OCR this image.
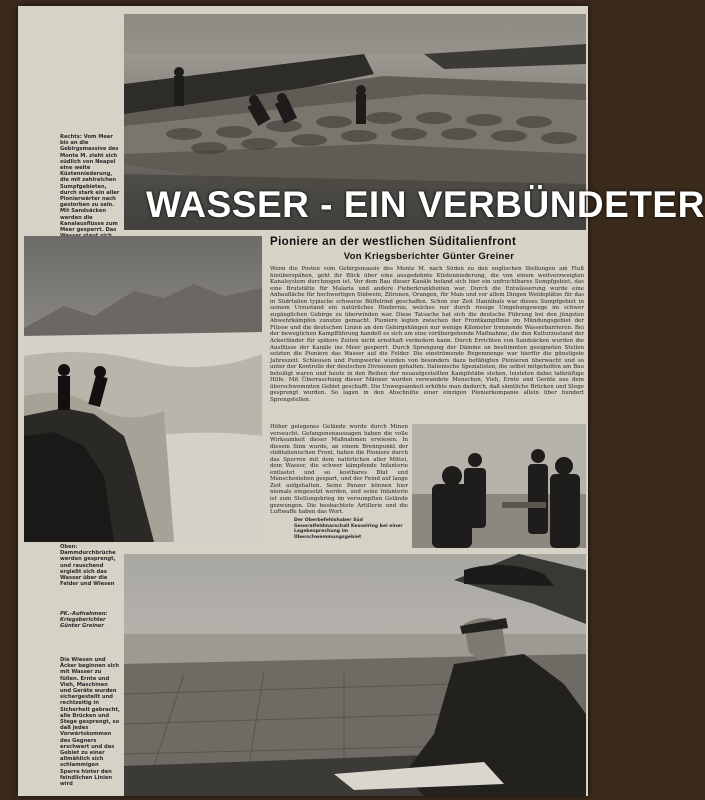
Rechts: Vom Meer bis an die Gebirgsmassive des Monte M. zieht sich südlich von Neapel eine weite Küstenniederung, die mit zahlreichen Sumpfgebieten, durch stark ein aller Pionierwärter nach gestorben zu sein. Mit Sandsäcken werden die Kanalausflüsse zum Meer gesperrt. Das
WASSER - EIN VERBÜNDETER
Oben: Dammdurchbrüche werden gesprengt, und rauschend ergießt sich das Wasser über die Felder und Wiesen
Pioniere an der westlichen Süditalienfront
Von Kriegsberichter Günter Greiner
Wenn die Posten vom Gebirgsmassiv des Monte M. nach Süden zu den englischen Stellungen am Fluß hinüberspähen, geht ihr Blick über eine ausgedehnte Küstenniederung, die von einem weitverzweigten Kanalsystem durchzogen ist. Vor dem Bau dieser Kanäle befand sich hier ein unfruchtbares Sumpfgebiet, das eine Brutstätte für Malaria und andere Fieberkrankheiten war. Durch die Entwässerung wurde eine Anbaufläche für hochwertigen Südwein, Zitronen, Orangen, für Mais und vor allem Dingen Weideplätze für das in Südrtalien typische schwarze Büffelrind geschaffen. Schon zur Zeit Hannibals war dieses Sumpfgebiet in seinem Urzustand ein natürliches Hindernis, welches nur durch riesige Umgehungswege im schwer zugänglichen Gebirge zu überwinden war. Diese Tatsache hat sich die deutsche Führung bei den jüngsten Abwehrkämpfen zunutze gemacht. Pioniere legten zwischen der Frontkampflinie im Mündungsgebiet der Flüsse und die deutschen Linien an den Gebirgshängen nur wenige Kilometer trennende Wasserbarrieren. Bei der beweglichen Kampfführung handelt es sich um eine vorübergehende Maßnahme, die den Kulturzustand der Ackerländer für spätere Zeiten nicht ernsthaft verändern kann. Durch Errichten von Sandsäcken wurden die Ausflüsse der Kanäle ins Meer gesperrt. Durch Sprengung der Dämme an bestimmten geeigneten Stellen setzten die Pioniere das Wasser auf die Felder. Die einströmende Regenmenge war hierfür die günstigste Jahreszeit. Schleusen und Pumpwerke wurden von besonders dazu befähigten Pionieren überwacht und so unter der Kontrolle der deutschen Divisionen gehalten. Italienische Spezialisten, die selbst mitgeholfen am Bau beteiligt waren und heute in den Reihen der neuaufgestellten Kampfstäbe stehen, leisteten dabei tatkräftige Hilfe. Mit Überraschung dieser Männer wurden verwundete Menschen, Vieh, Ernte und Geräte aus dem überschwemmten Gebiet geschafft. Die Unwegsamkeit erhöhte man dadurch, daß sämtliche Brücken und Stege gesprengt wurden. So lagen in den Abschnitte einer einzigen Pionierkompanie allein über hundert Sprengstellen.
Höher gelegenes Gelände wurde durch Minen verseucht. Gefangenenaussagen haben die volle Wirksamkeit dieser Maßnahmen erwiesen. In diesem Sinn wurde, an einem Brennpunkt der süditalienischen Front, haben die Pioniere durch das Sperren mit dem natürlichen aller Mittel, dem Wasser, die schwer kämpfende Infanterie entlastet und so kostbares Blut und Menschenleben gespart, und der Feind auf lange Zeit aufgehalten. Seine Panzer können hier niemals eingesetzt werden, und seine Infanterie ist zum Stellungskrieg im versumpften Gelände gezwungen. Die beobachtete Artillerie und die Luftwaffe haben das Wort.
Der Oberbefehlshaber Süd Generalfeldmarschall Kesselring bei einer Lagebesprechung im Überschwemmungsgebiet
PK.-Aufnahmen: Kriegsberichter Günter Greiner
Die Wiesen und Äcker beginnen sich mit Wasser zu füllen. Ernte und Vieh, Maschinen und Geräte wurden sichergestellt und rechtzeitig in Sicherheit gebracht, alle Brücken und Stege gesprengt, so daß jedes Vorwärtskommen des Gegners erschwert und das Gebiet zu einer allmählich sich schlammigen Sperre hinter den feindlichen Linien wird
